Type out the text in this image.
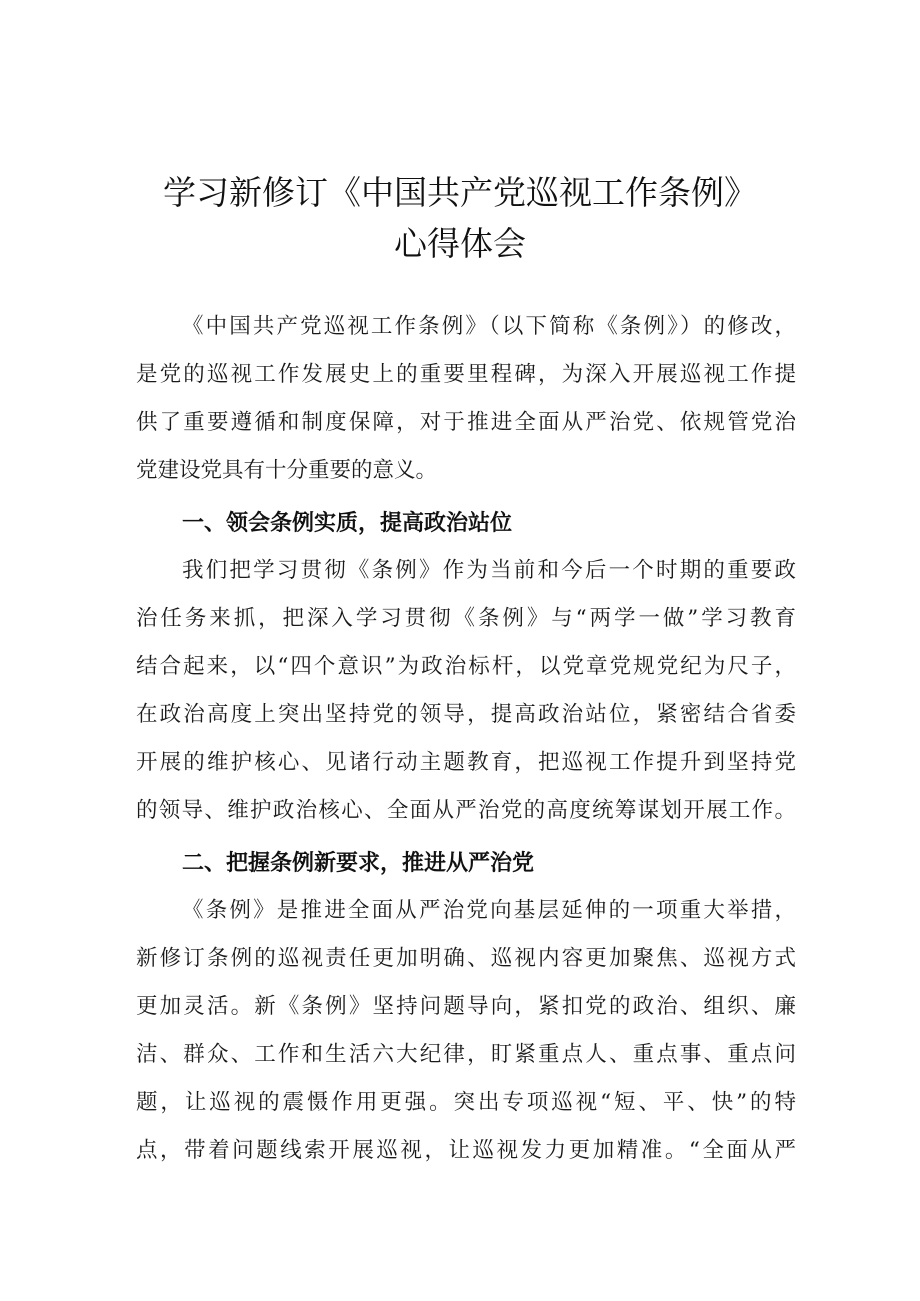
学习新修订《中国共产党巡视工作条例》
心得体会
《中国共产党巡视工作条例》（以下简称《条例》）的修改，
是党的巡视工作发展史上的重要里程碑，为深入开展巡视工作提
供了重要遵循和制度保障，对于推进全面从严治党、依规管党治
党建设党具有十分重要的意义。
一、领会条例实质，提高政治站位
我们把学习贯彻《条例》作为当前和今后一个时期的重要政
治任务来抓，把深入学习贯彻《条例》与“两学一做”学习教育
结合起来，以“四个意识”为政治标杆，以党章党规党纪为尺子，
在政治高度上突出坚持党的领导，提高政治站位，紧密结合省委
开展的维护核心、见诸行动主题教育，把巡视工作提升到坚持党
的领导、维护政治核心、全面从严治党的高度统筹谋划开展工作。
二、把握条例新要求，推进从严治党
《条例》是推进全面从严治党向基层延伸的一项重大举措，
新修订条例的巡视责任更加明确、巡视内容更加聚焦、巡视方式
更加灵活。新《条例》坚持问题导向，紧扣党的政治、组织、廉
洁、群众、工作和生活六大纪律，盯紧重点人、重点事、重点问
题，让巡视的震慑作用更强。突出专项巡视“短、平、快”的特
点，带着问题线索开展巡视，让巡视发力更加精准。“全面从严
